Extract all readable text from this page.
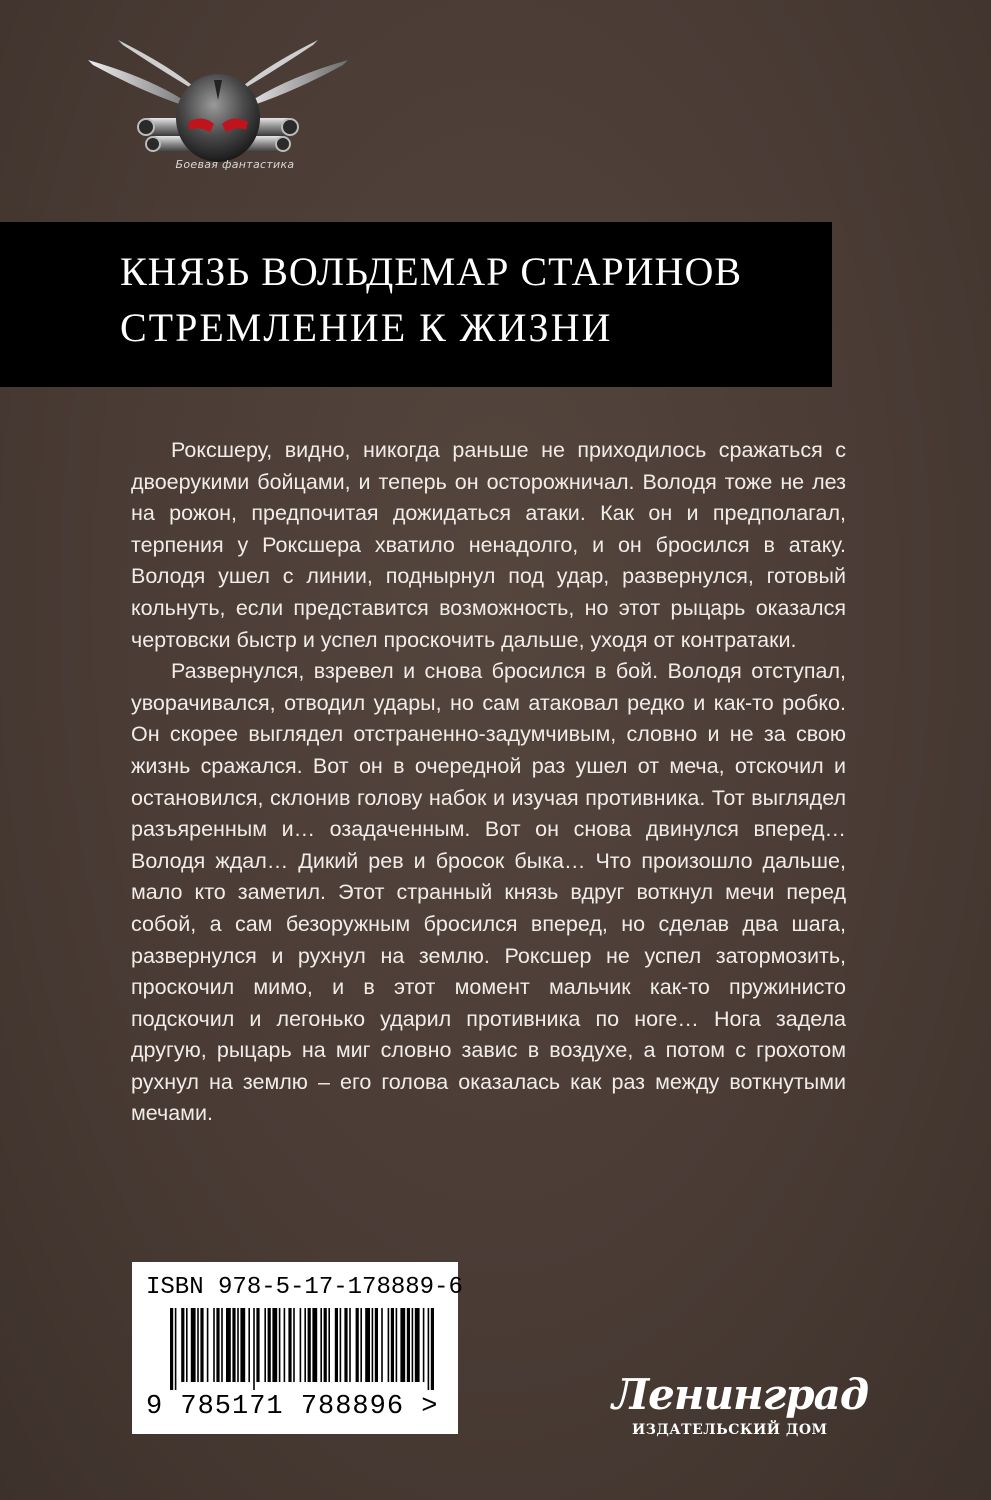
Боевая фантастика
КНЯЗЬ ВОЛЬДЕМАР СТАРИНОВ
СТРЕМЛЕНИЕ К ЖИЗНИ

Роксшеру, видно, никогда раньше не приходилось сражаться с двоерукими бойцами, и теперь он осторожничал. Володя тоже не лез на рожон, предпочитая дожидаться атаки. Как он и предполагал, терпения у Роксшера хватило ненадолго, и он бросился в атаку. Володя ушел с линии, поднырнул под удар, развернулся, готовый кольнуть, если представится возможность, но этот рыцарь оказался чертовски быстр и успел проскочить дальше, уходя от контратаки.

Развернулся, взревел и снова бросился в бой. Володя отступал, уворачивался, отводил удары, но сам атаковал редко и как-то робко. Он скорее выглядел отстраненно-задумчивым, словно и не за свою жизнь сражался. Вот он в очередной раз ушел от меча, отскочил и остановился, склонив голову набок и изучая противника. Тот выглядел разъяренным и… озадаченным. Вот он снова двинулся вперед… Володя ждал… Дикий рев и бросок быка… Что произошло дальше, мало кто заметил. Этот странный князь вдруг воткнул мечи перед собой, а сам безоружным бросился вперед, но сделав два шага, развернулся и рухнул на землю. Роксшер не успел затормозить, проскочил мимо, и в этот момент мальчик как-то пружинисто подскочил и легонько ударил противника по ноге… Нога задела другую, рыцарь на миг словно завис в воздухе, а потом с грохотом рухнул на землю – его голова оказалась как раз между воткнутыми мечами.

ISBN 978-5-17-178889-6
9 785171 788896 >	Ленинград
ИЗДАТЕЛЬСКИЙ ДОМ
